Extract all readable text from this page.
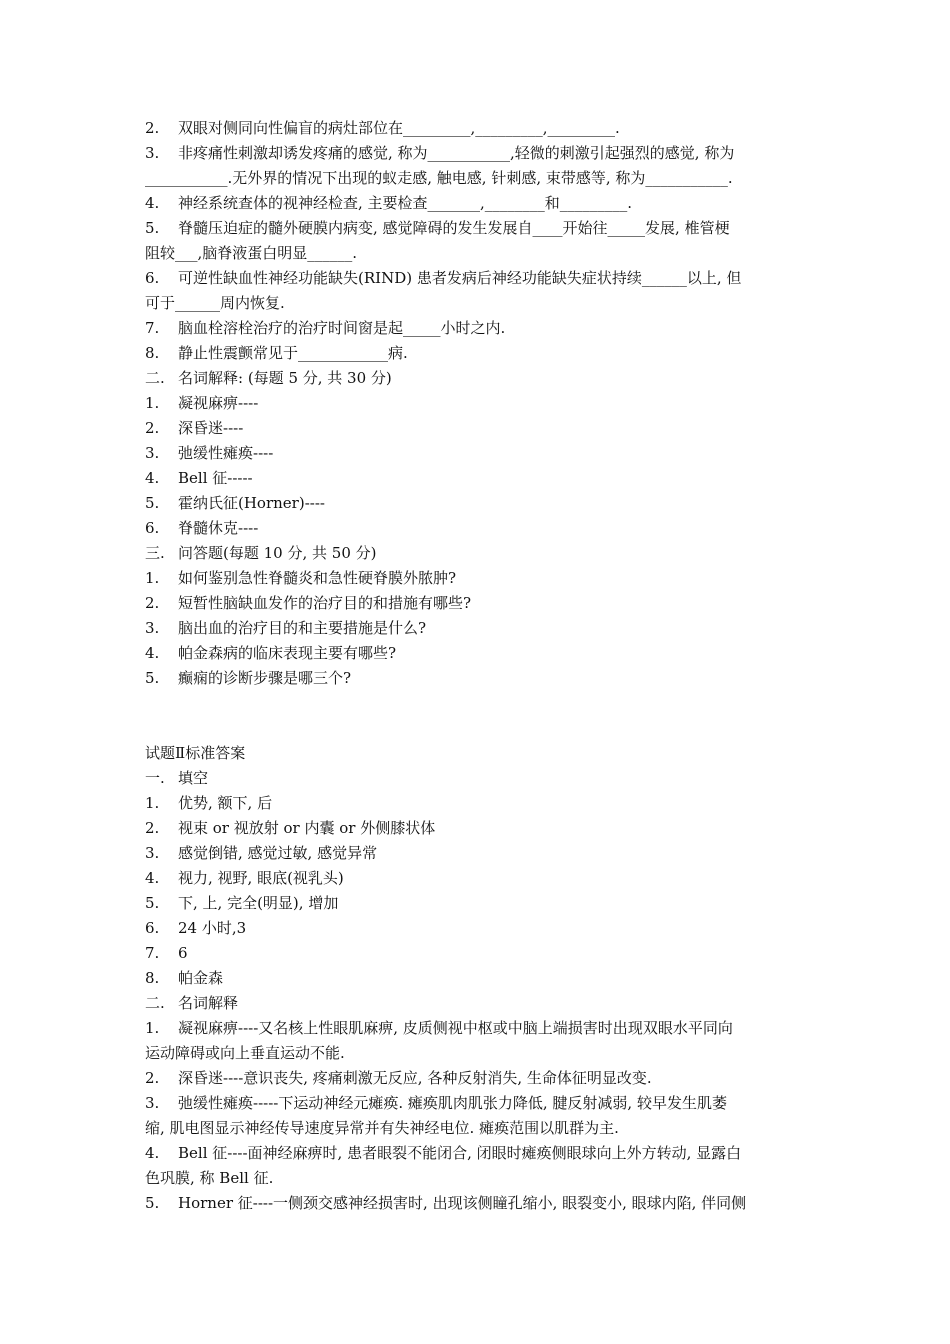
2.	双眼对侧同向性偏盲的病灶部位在_________,_________,_________.
3.	非疼痛性刺激却诱发疼痛的感觉, 称为___________,轻微的刺激引起强烈的感觉, 称为
___________.无外界的情况下出现的蚁走感, 触电感, 针刺感, 束带感等, 称为___________.
4.	神经系统查体的视神经检查, 主要检查_______,________和_________.
5.	脊髓压迫症的髓外硬膜内病变, 感觉障碍的发生发展自____开始往_____发展, 椎管梗
阻较___,脑脊液蛋白明显______.
6.	可逆性缺血性神经功能缺失(RIND) 患者发病后神经功能缺失症状持续______以上, 但
可于______周内恢复.
7.	脑血栓溶栓治疗的治疗时间窗是起_____小时之内.
8.	静止性震颤常见于____________病.
二. 名词解释: (每题 5 分, 共 30 分)
1.	凝视麻痹----
2.	深昏迷----
3.	弛缓性瘫痪----
4.	Bell 征-----
5.	霍纳氏征(Horner)----
6.	脊髓休克----
三. 问答题(每题 10 分, 共 50 分)
1.	如何鉴别急性脊髓炎和急性硬脊膜外脓肿?
2.	短暂性脑缺血发作的治疗目的和措施有哪些?
3.	脑出血的治疗目的和主要措施是什么?
4.	帕金森病的临床表现主要有哪些?
5.	癫痫的诊断步骤是哪三个?
试题Ⅱ标准答案
一. 填空
1.	优势, 额下, 后
2.	视束 or 视放射 or 内囊 or 外侧膝状体
3.	感觉倒错, 感觉过敏, 感觉异常
4.	视力, 视野, 眼底(视乳头)
5.	下, 上, 完全(明显), 增加
6.	24 小时,3
7.	6
8.	帕金森
二. 名词解释
1.	凝视麻痹----又名核上性眼肌麻痹, 皮质侧视中枢或中脑上端损害时出现双眼水平同向
运动障碍或向上垂直运动不能.
2.	深昏迷----意识丧失, 疼痛刺激无反应, 各种反射消失, 生命体征明显改变.
3.	弛缓性瘫痪-----下运动神经元瘫痪. 瘫痪肌肉肌张力降低, 腱反射减弱, 较早发生肌萎
缩, 肌电图显示神经传导速度异常并有失神经电位. 瘫痪范围以肌群为主.
4.	Bell 征----面神经麻痹时, 患者眼裂不能闭合, 闭眼时瘫痪侧眼球向上外方转动, 显露白
色巩膜, 称 Bell 征.
5.	Horner 征----一侧颈交感神经损害时, 出现该侧瞳孔缩小, 眼裂变小, 眼球内陷, 伴同侧
